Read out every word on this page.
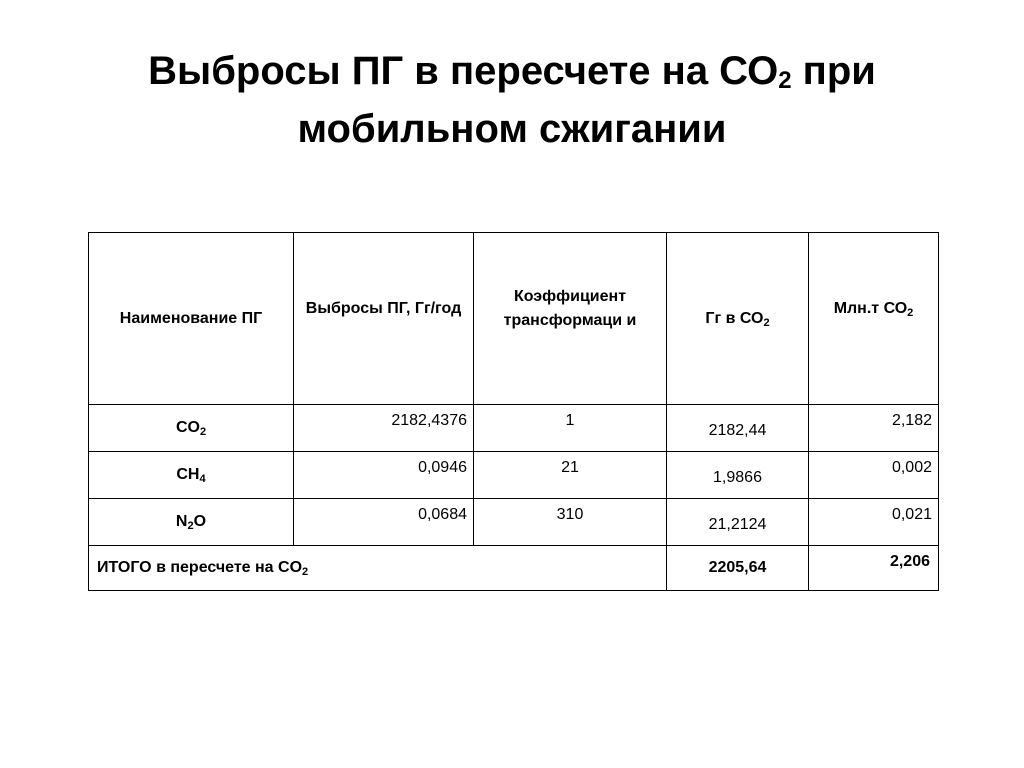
Выбросы ПГ в пересчете на $СО_2$ при
мобильном сжигании
Наименование ПГ	Выбросы ПГ, Гг/год	Коэффициент трансформаци и	Гг в $СО_2$	Млн.т $СО_2$
$CO_2$	2182,4376	1	2182,44	2,182
$CH_4$	0,0946	21	1,9866	0,002
$N_2O$	0,0684	310	21,2124	0,021
ИТОГО в пересчете на $CO_2$			2205,64	2,206
